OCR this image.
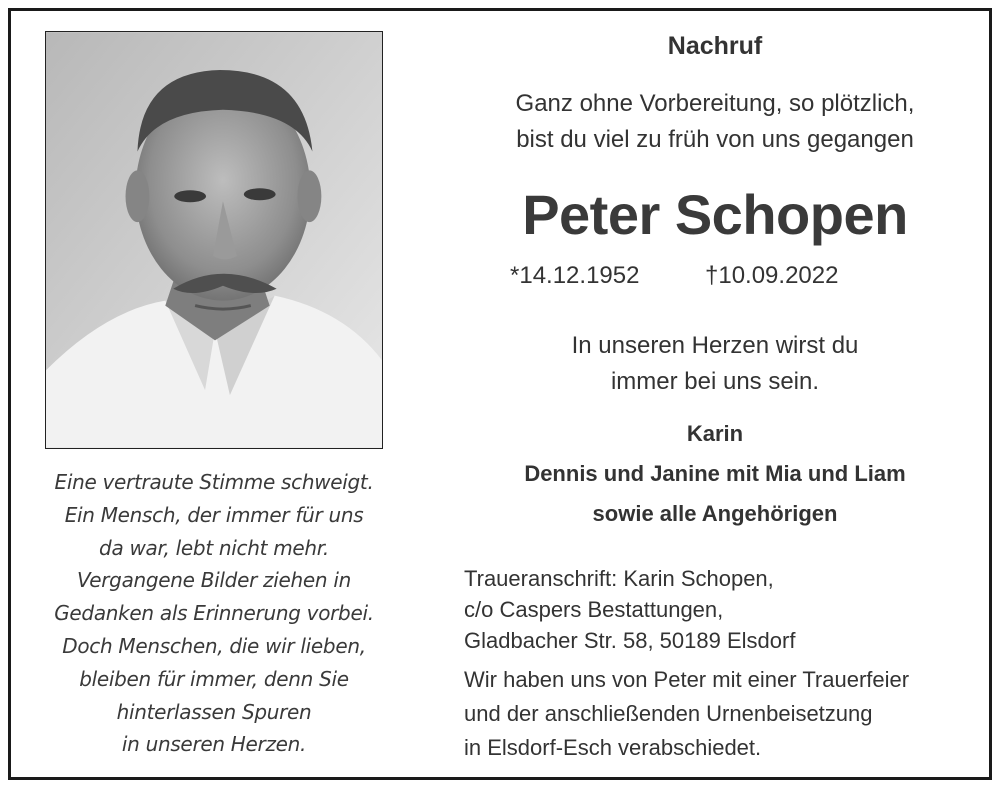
Eine vertraute Stimme schweigt.
Ein Mensch, der immer für uns
da war, lebt nicht mehr.
Vergangene Bilder ziehen in
Gedanken als Erinnerung vorbei.
Doch Menschen, die wir lieben,
bleiben für immer, denn Sie
hinterlassen Spuren
in unseren Herzen.
Nachruf
Ganz ohne Vorbereitung, so plötzlich,
bist du viel zu früh von uns gegangen
Peter Schopen
*14.12.1952	†10.09.2022
In unseren Herzen wirst du
immer bei uns sein.
Karin
Dennis und Janine mit Mia und Liam
sowie alle Angehörigen
Traueranschrift: Karin Schopen,
c/o Caspers Bestattungen,
Gladbacher Str. 58, 50189 Elsdorf
Wir haben uns von Peter mit einer Trauerfeier
und der anschließenden Urnenbeisetzung
in Elsdorf-Esch verabschiedet.
